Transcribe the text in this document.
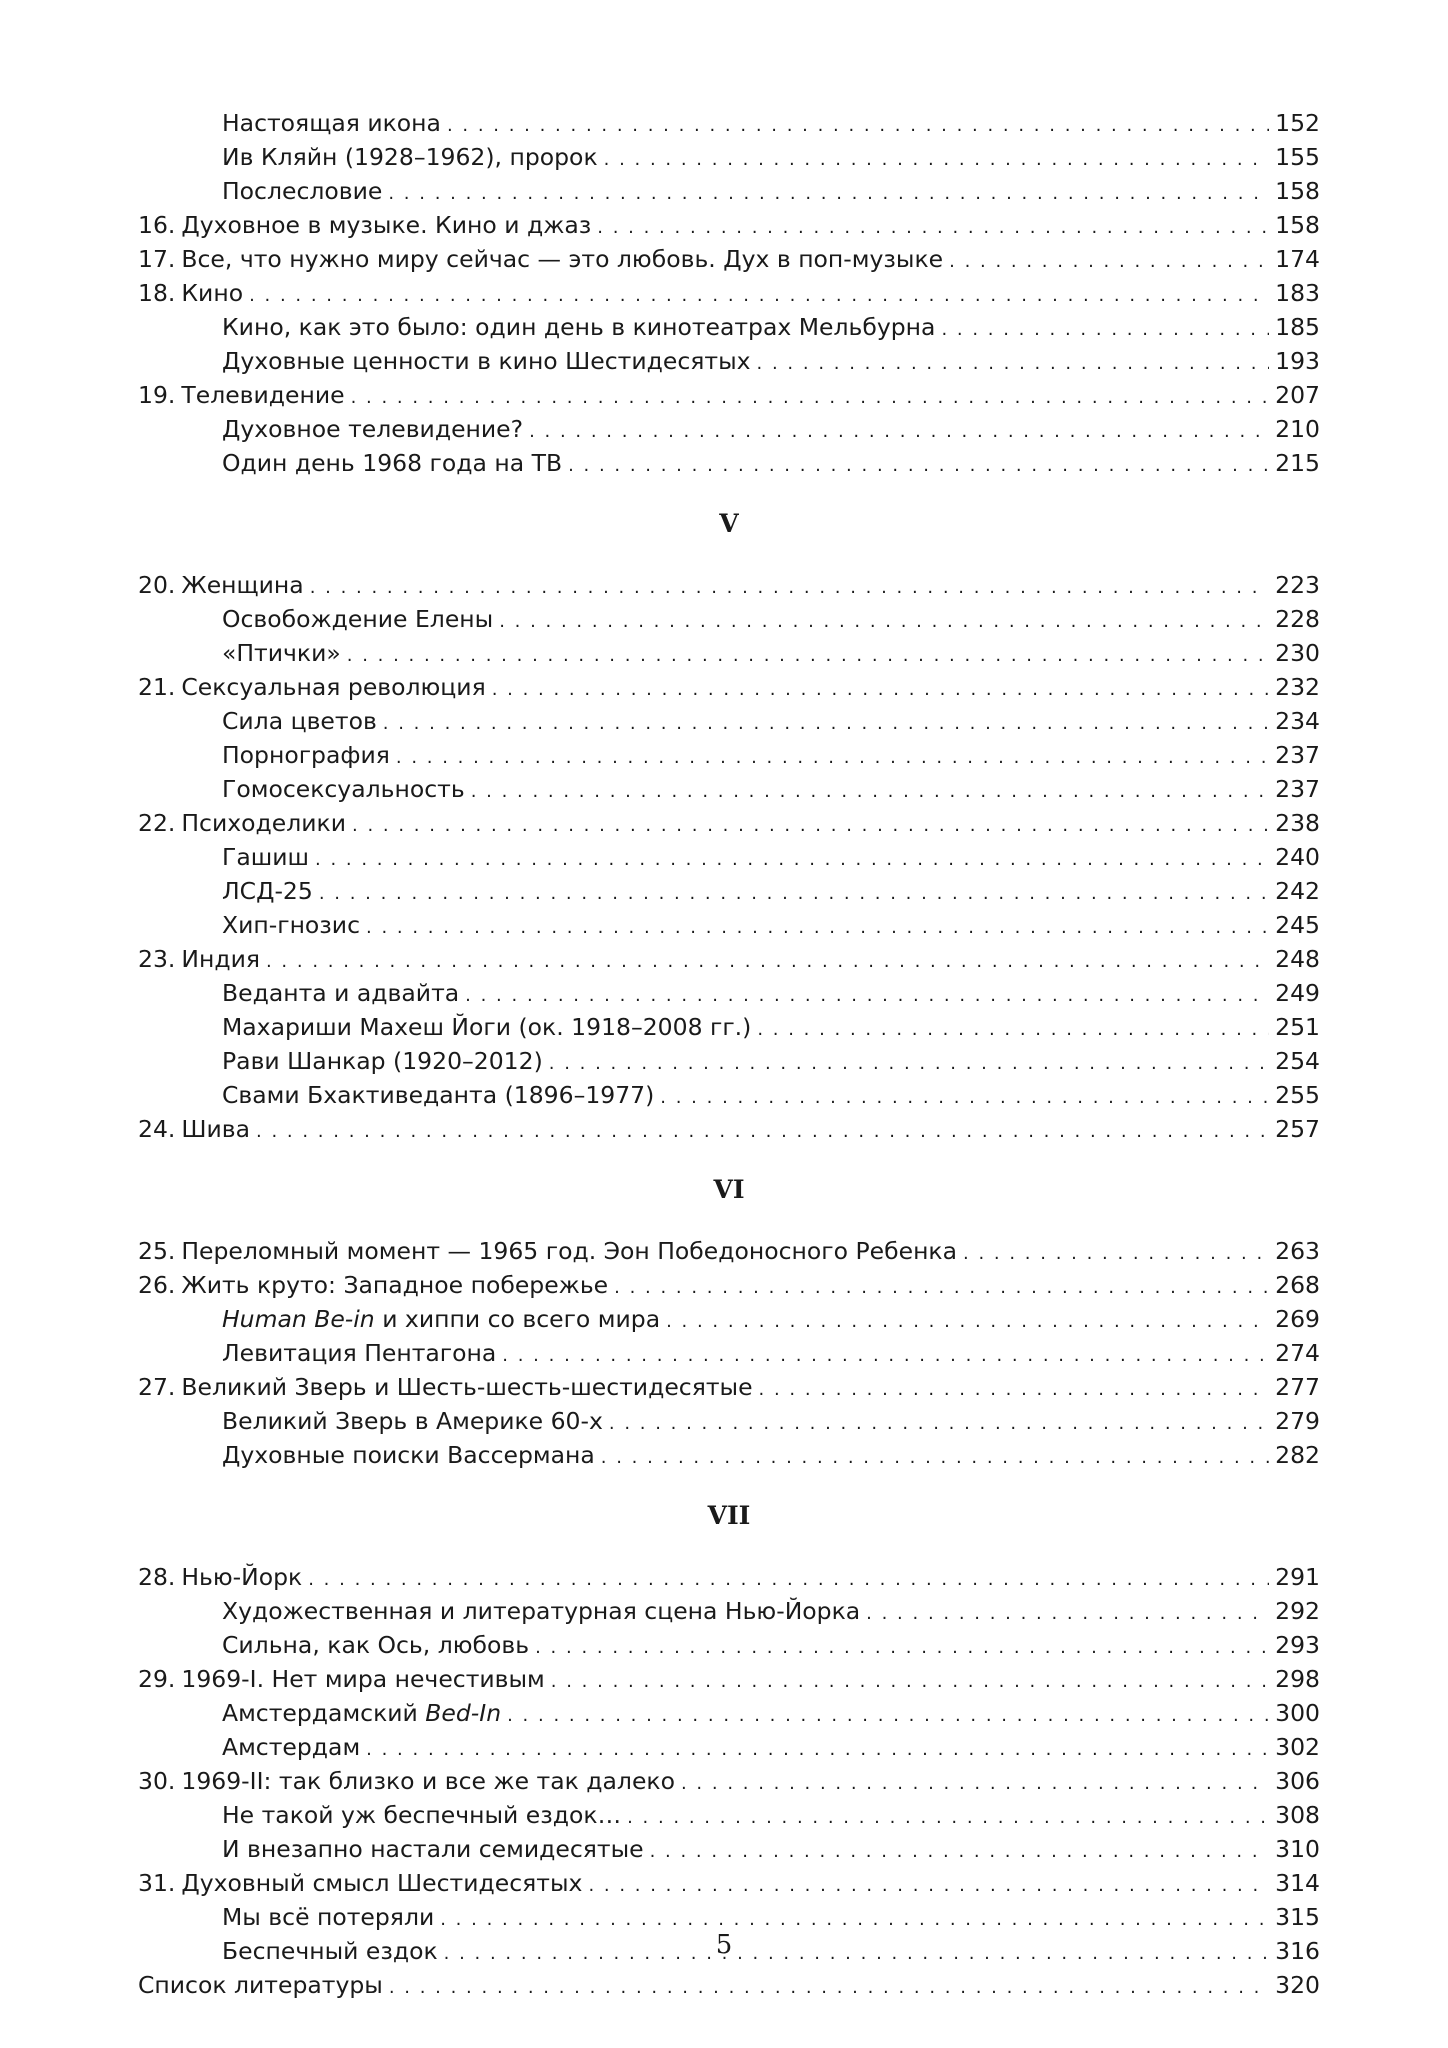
Настоящая икона . . .	152
Ив Кляйн (1928–1962), пророк . . .	155
Послесловие . . .	158
16. Духовное в музыке. Кино и джаз . . .	158
17. Все, что нужно миру сейчас — это любовь. Дух в поп-музыке . . .	174
18. Кино . . .	183
Кино, как это было: один день в кинотеатрах Мельбурна . . .	185
Духовные ценности в кино Шестидесятых . . .	193
19. Телевидение . . .	207
Духовное телевидение? . . .	210
Один день 1968 года на ТВ . . .	215
V
20. Женщина . . .	223
Освобождение Елены . . .	228
«Птички» . . .	230
21. Сексуальная революция . . .	232
Сила цветов . . .	234
Порнография . . .	237
Гомосексуальность . . .	237
22. Психоделики . . .	238
Гашиш . . .	240
ЛСД-25 . . .	242
Хип-гнозис . . .	245
23. Индия . . .	248
Веданта и адвайта . . .	249
Махариши Махеш Йоги (ок. 1918–2008 гг.) . . .	251
Рави Шанкар (1920–2012) . . .	254
Свами Бхактиведанта (1896–1977) . . .	255
24. Шива . . .	257
VI
25. Переломный момент — 1965 год. Эон Победоносного Ребенка . . .	263
26. Жить круто: Западное побережье . . .	268
Human Be-in и хиппи со всего мира . . .	269
Левитация Пентагона . . .	274
27. Великий Зверь и Шесть-шесть-шестидесятые . . .	277
Великий Зверь в Америке 60-х . . .	279
Духовные поиски Вассермана . . .	282
VII
28. Нью-Йорк . . .	291
Художественная и литературная сцена Нью-Йорка . . .	292
Сильна, как Ось, любовь . . .	293
29. 1969-I. Нет мира нечестивым . . .	298
Амстердамский Bed-In . . .	300
Амстердам . . .	302
30. 1969-II: так близко и все же так далеко . . .	306
Не такой уж беспечный ездок… . . .	308
И внезапно настали семидесятые . . .	310
31. Духовный смысл Шестидесятых . . .	314
Мы всё потеряли . . .	315
Беспечный ездок . . .	316
Список литературы . . .	320
5
